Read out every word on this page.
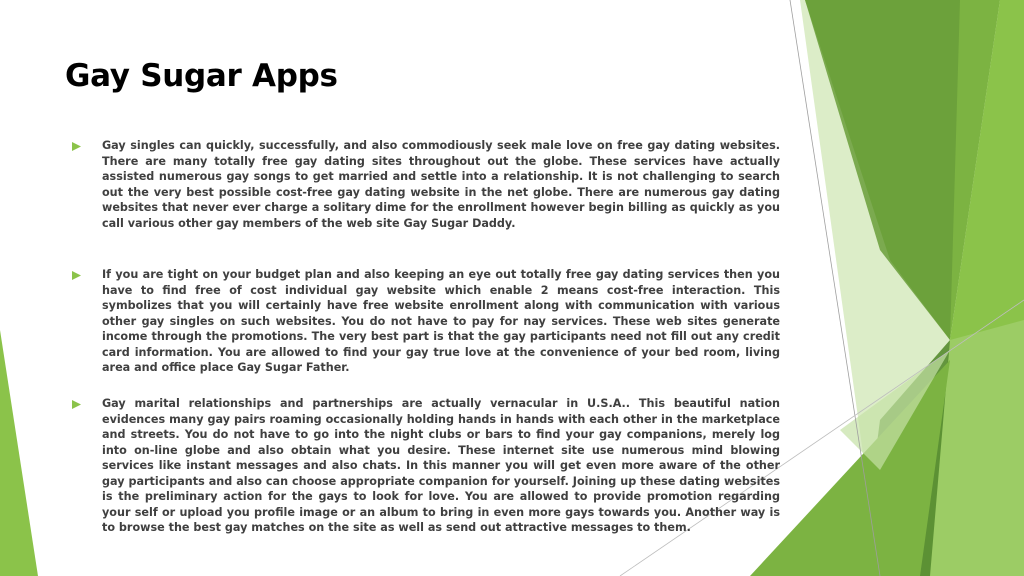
Gay Sugar Apps

Gay singles can quickly, successfully, and also commodiously seek male love on free gay dating websites. There are many totally free gay dating sites throughout out the globe. These services have actually assisted numerous gay songs to get married and settle into a relationship. It is not challenging to search out the very best possible cost-free gay dating website in the net globe. There are numerous gay dating websites that never ever charge a solitary dime for the enrollment however begin billing as quickly as you call various other gay members of the web site Gay Sugar Daddy.

If you are tight on your budget plan and also keeping an eye out totally free gay dating services then you have to find free of cost individual gay website which enable 2 means cost-free interaction. This symbolizes that you will certainly have free website enrollment along with communication with various other gay singles on such websites. You do not have to pay for nay services. These web sites generate income through the promotions. The very best part is that the gay participants need not fill out any credit card information. You are allowed to find your gay true love at the convenience of your bed room, living area and office place Gay Sugar Father.

Gay marital relationships and partnerships are actually vernacular in U.S.A.. This beautiful nation evidences many gay pairs roaming occasionally holding hands in hands with each other in the marketplace and streets. You do not have to go into the night clubs or bars to find your gay companions, merely log into on-line globe and also obtain what you desire. These internet site use numerous mind blowing services like instant messages and also chats. In this manner you will get even more aware of the other gay participants and also can choose appropriate companion for yourself. Joining up these dating websites is the preliminary action for the gays to look for love. You are allowed to provide promotion regarding your self or upload you profile image or an album to bring in even more gays towards you. Another way is to browse the best gay matches on the site as well as send out attractive messages to them.
